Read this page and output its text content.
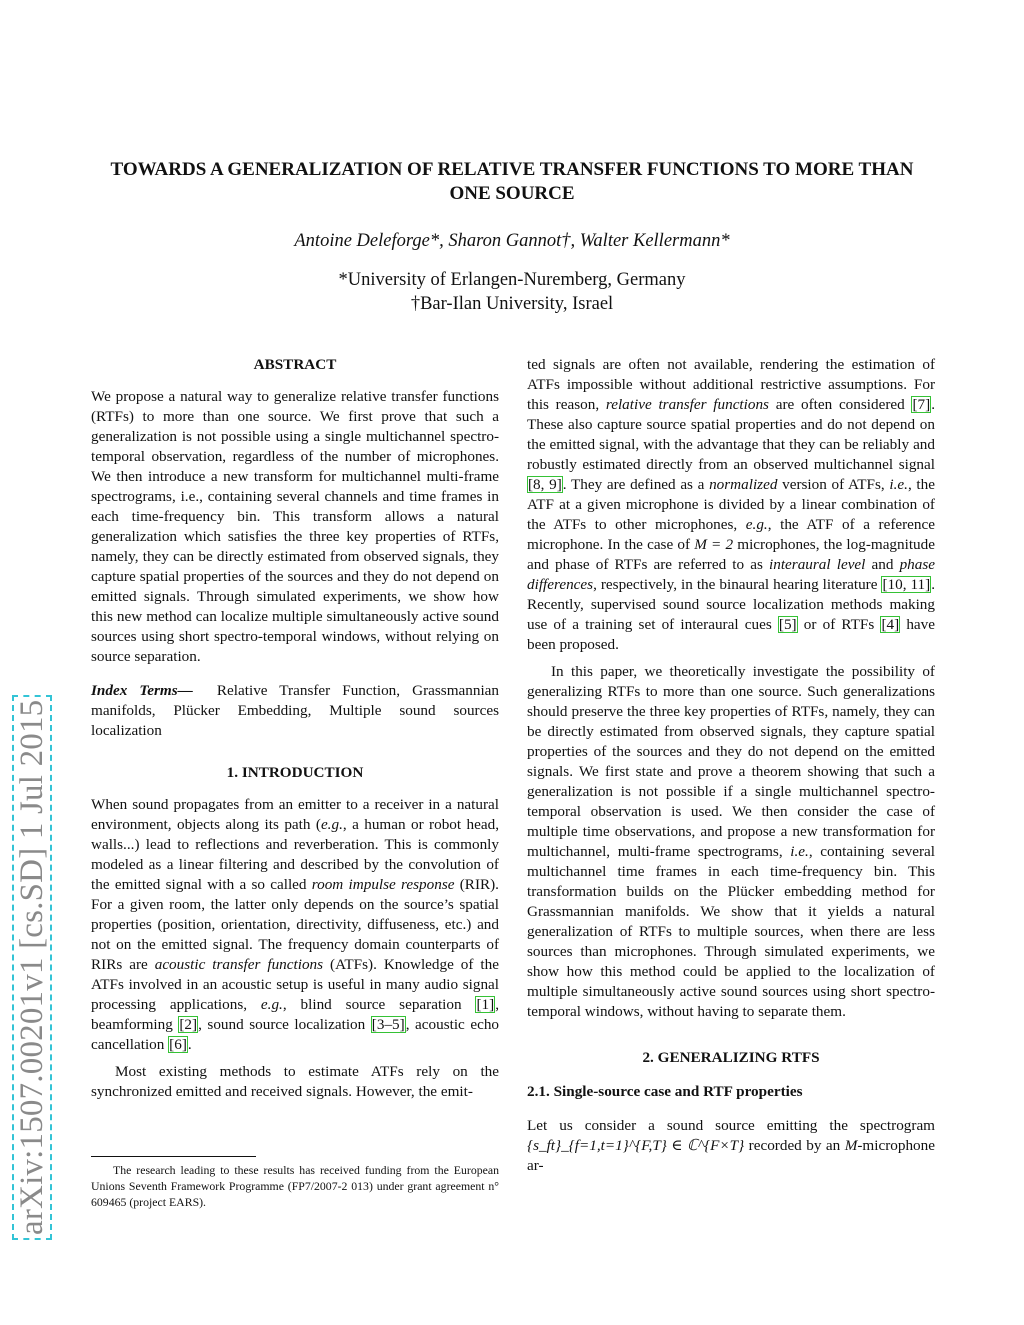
arXiv:1507.00201v1 [cs.SD] 1 Jul 2015
TOWARDS A GENERALIZATION OF RELATIVE TRANSFER FUNCTIONS TO MORE THAN ONE SOURCE
Antoine Deleforge*, Sharon Gannot†, Walter Kellermann*
*University of Erlangen-Nuremberg, Germany
†Bar-Ilan University, Israel
ABSTRACT

We propose a natural way to generalize relative transfer functions (RTFs) to more than one source. We first prove that such a generalization is not possible using a single multichannel spectro-temporal observation, regardless of the number of microphones. We then introduce a new transform for multichannel multi-frame spectrograms, i.e., containing several channels and time frames in each time-frequency bin. This transform allows a natural generalization which satisfies the three key properties of RTFs, namely, they can be directly estimated from observed signals, they capture spatial properties of the sources and they do not depend on emitted signals. Through simulated experiments, we show how this new method can localize multiple simultaneously active sound sources using short spectro-temporal windows, without relying on source separation.

Index Terms— Relative Transfer Function, Grassmannian manifolds, Plücker Embedding, Multiple sound sources localization

1. INTRODUCTION

When sound propagates from an emitter to a receiver in a natural environment, objects along its path (e.g., a human or robot head, walls...) lead to reflections and reverberation. This is commonly modeled as a linear filtering and described by the convolution of the emitted signal with a so called room impulse response (RIR). For a given room, the latter only depends on the source’s spatial properties (position, orientation, directivity, diffuseness, etc.) and not on the emitted signal. The frequency domain counterparts of RIRs are acoustic transfer functions (ATFs). Knowledge of the ATFs involved in an acoustic setup is useful in many audio signal processing applications, e.g., blind source separation [1], beamforming [2], sound source localization [3–5], acoustic echo cancellation [6].

Most existing methods to estimate ATFs rely on the synchronized emitted and received signals. However, the emit-

ted signals are often not available, rendering the estimation of ATFs impossible without additional restrictive assumptions. For this reason, relative transfer functions are often considered [7]. These also capture source spatial properties and do not depend on the emitted signal, with the advantage that they can be reliably and robustly estimated directly from an observed multichannel signal [8, 9]. They are defined as a normalized version of ATFs, i.e., the ATF at a given microphone is divided by a linear combination of the ATFs to other microphones, e.g., the ATF of a reference microphone. In the case of M = 2 microphones, the log-magnitude and phase of RTFs are referred to as interaural level and phase differences, respectively, in the binaural hearing literature [10, 11]. Recently, supervised sound source localization methods making use of a training set of interaural cues [5] or of RTFs [4] have been proposed.

In this paper, we theoretically investigate the possibility of generalizing RTFs to more than one source. Such generalizations should preserve the three key properties of RTFs, namely, they can be directly estimated from observed signals, they capture spatial properties of the sources and they do not depend on the emitted signals. We first state and prove a theorem showing that such a generalization is not possible if a single multichannel spectro-temporal observation is used. We then consider the case of multiple time observations, and propose a new transformation for multichannel, multi-frame spectrograms, i.e., containing several multichannel time frames in each time-frequency bin. This transformation builds on the Plücker embedding method for Grassmannian manifolds. We show that it yields a natural generalization of RTFs to multiple sources, when there are less sources than microphones. Through simulated experiments, we show how this method could be applied to the localization of multiple simultaneously active sound sources using short spectro-temporal windows, without having to separate them.

2. GENERALIZING RTFS
2.1. Single-source case and RTF properties

Let us consider a sound source emitting the spectrogram {s_ft}_{f=1,t=1}^{F,T} ∈ ℂ^{F×T} recorded by an M-microphone ar-

The research leading to these results has received funding from the European Unions Seventh Framework Programme (FP7/2007-2 013) under grant agreement n° 609465 (project EARS).
